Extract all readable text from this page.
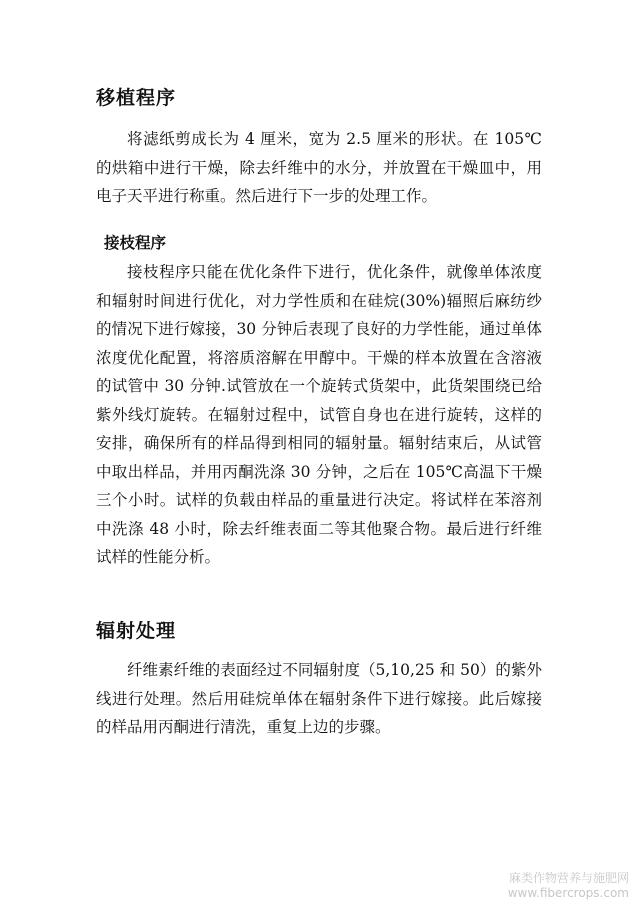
移植程序

将滤纸剪成长为 4 厘米，宽为 2.5 厘米的形状。在 105℃的烘箱中进行干燥，除去纤维中的水分，并放置在干燥皿中，用电子天平进行称重。然后进行下一步的处理工作。

接枝程序

接枝程序只能在优化条件下进行，优化条件，就像单体浓度和辐射时间进行优化，对力学性质和在硅烷(30%)辐照后麻纺纱的情况下进行嫁接，30 分钟后表现了良好的力学性能，通过单体浓度优化配置，将溶质溶解在甲醇中。干燥的样本放置在含溶液的试管中 30 分钟.试管放在一个旋转式货架中，此货架围绕已给紫外线灯旋转。在辐射过程中，试管自身也在进行旋转，这样的安排，确保所有的样品得到相同的辐射量。辐射结束后，从试管中取出样品，并用丙酮洗涤 30 分钟，之后在 105℃高温下干燥三个小时。试样的负载由样品的重量进行决定。将试样在苯溶剂中洗涤 48 小时，除去纤维表面二等其他聚合物。最后进行纤维试样的性能分析。

辐射处理

纤维素纤维的表面经过不同辐射度（5,10,25 和 50）的紫外线进行处理。然后用硅烷单体在辐射条件下进行嫁接。此后嫁接的样品用丙酮进行清洗，重复上边的步骤。

麻类作物营养与施肥网
www.fibercrops.com
